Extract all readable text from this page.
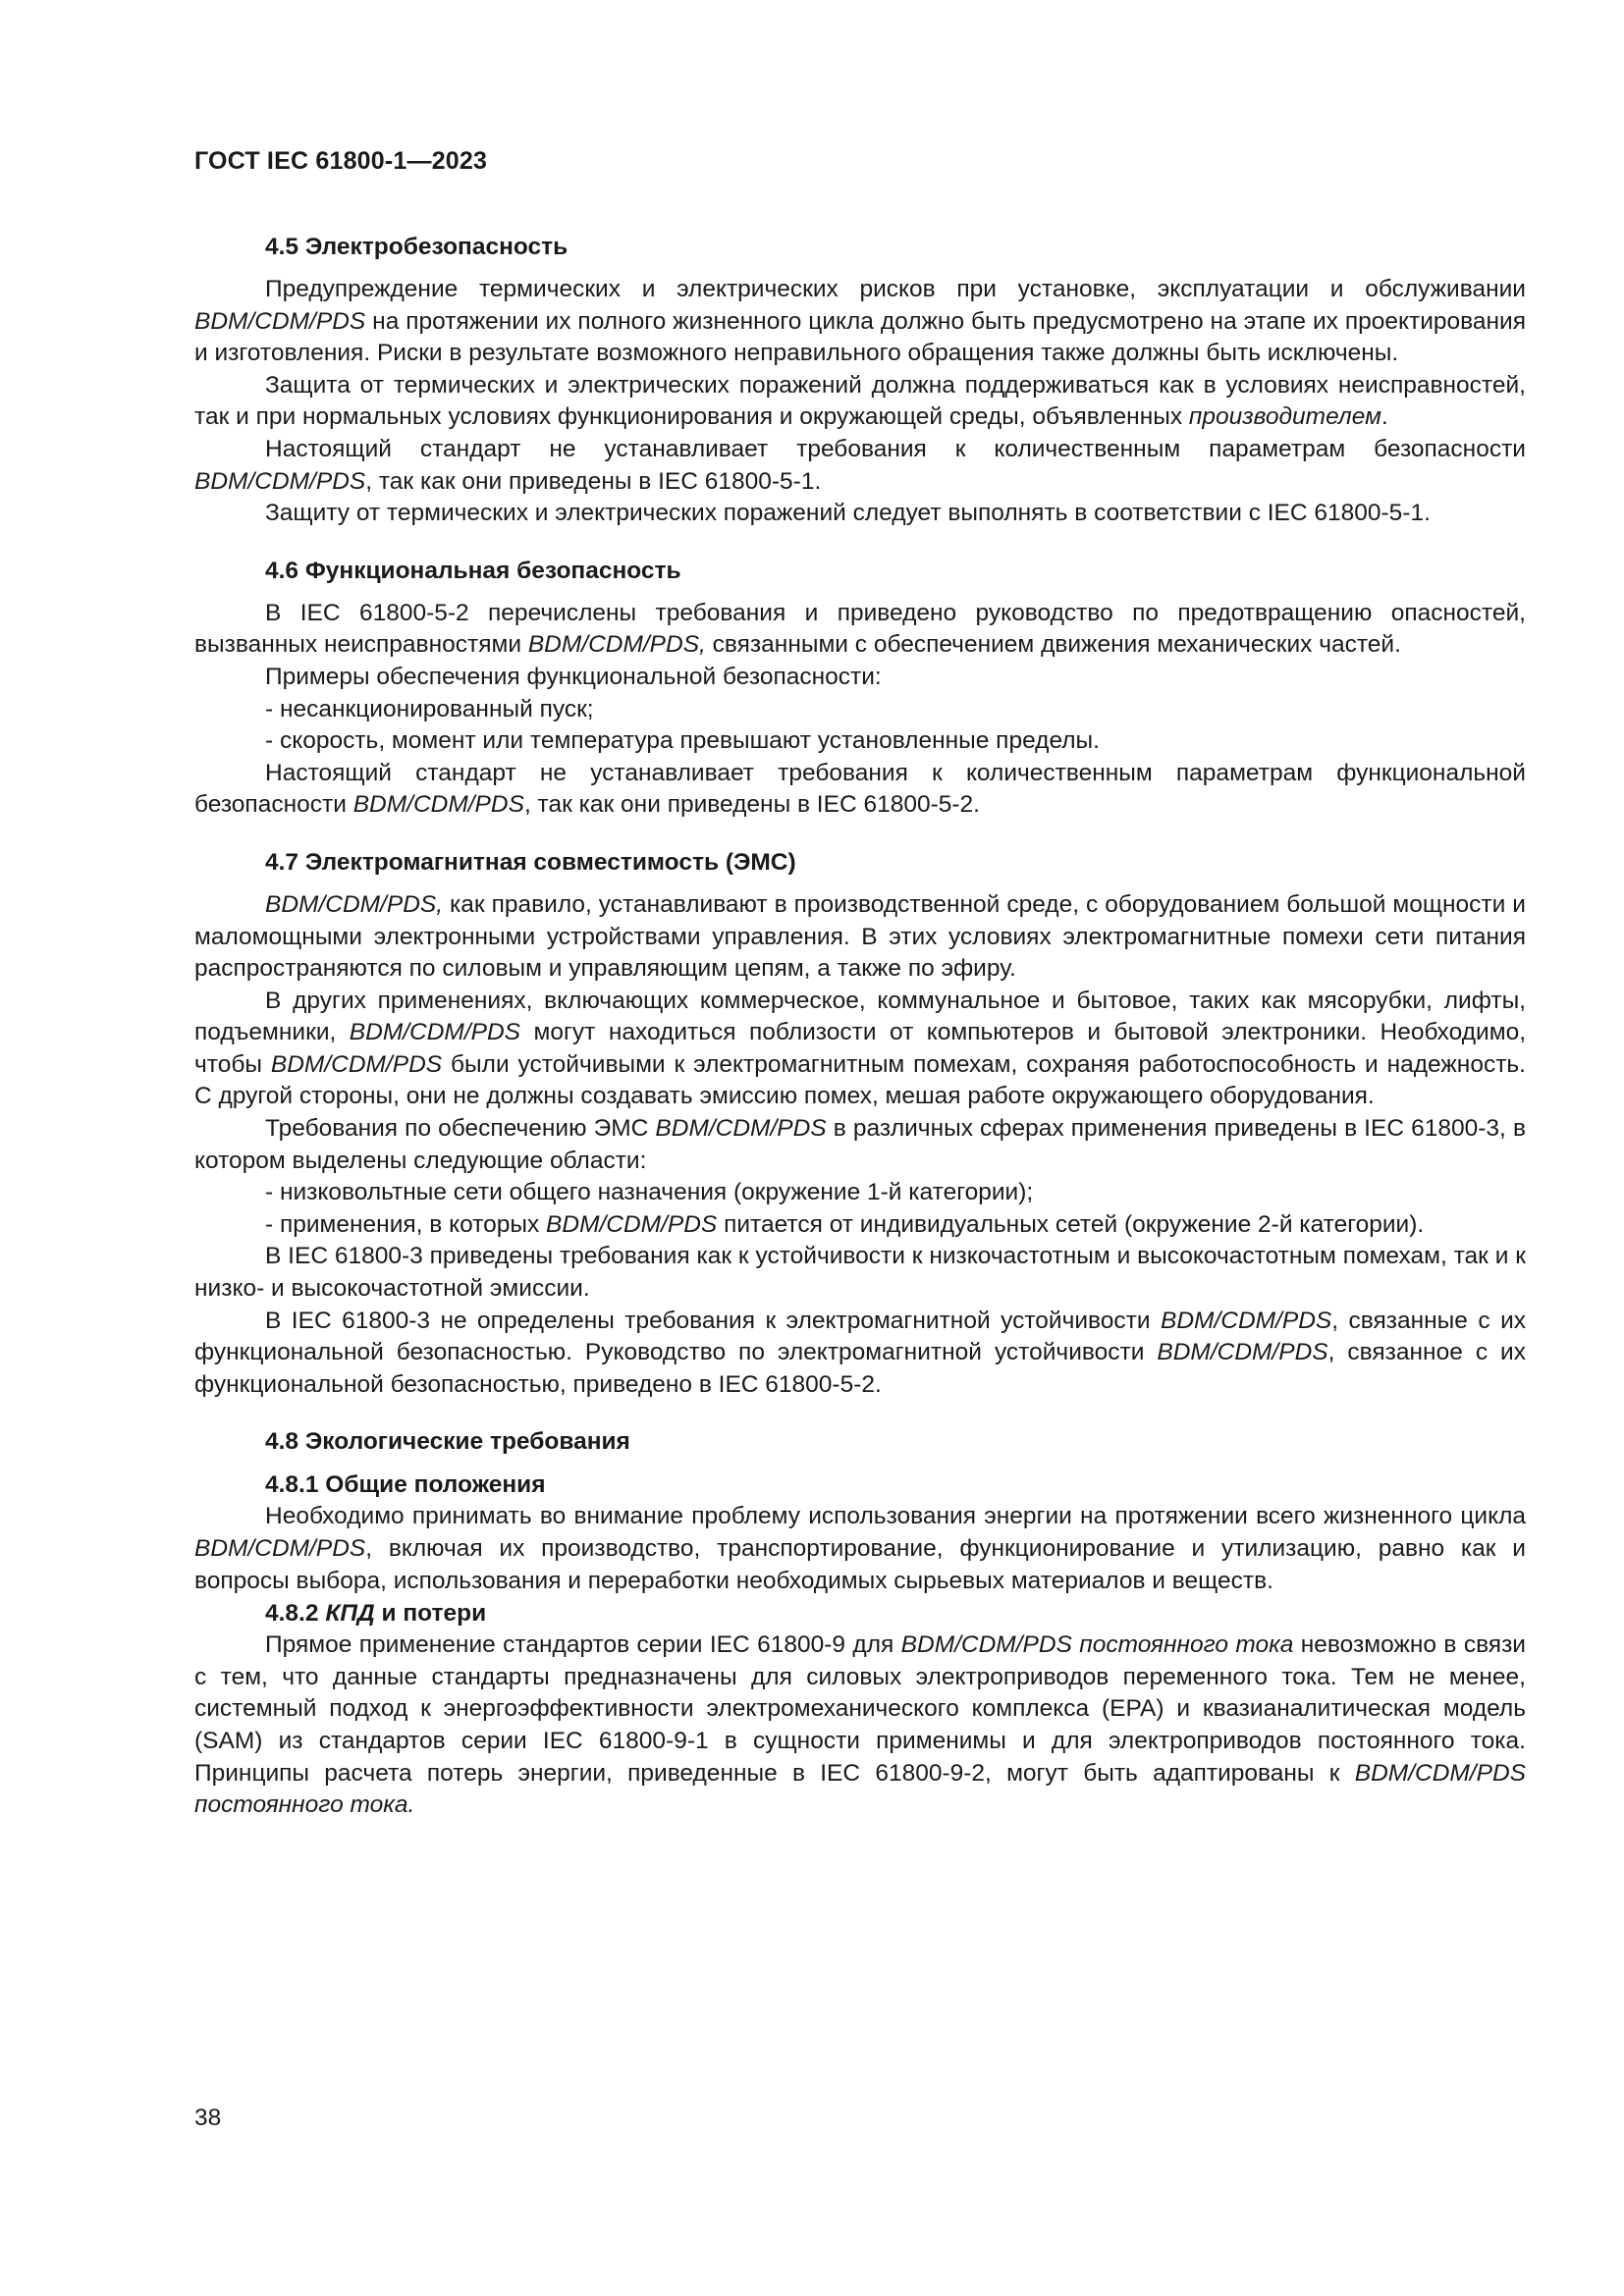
ГОСТ IEC 61800-1—2023
4.5 Электробезопасность

Предупреждение термических и электрических рисков при установке, эксплуатации и обслуживании BDM/CDM/PDS на протяжении их полного жизненного цикла должно быть предусмотрено на этапе их проектирования и изготовления. Риски в результате возможного неправильного обращения также должны быть исключены.

Защита от термических и электрических поражений должна поддерживаться как в условиях неисправностей, так и при нормальных условиях функционирования и окружающей среды, объявленных производителем.

Настоящий стандарт не устанавливает требования к количественным параметрам безопасности BDM/CDM/PDS, так как они приведены в IEC 61800-5-1.

Защиту от термических и электрических поражений следует выполнять в соответствии с IEC 61800-5-1.

4.6 Функциональная безопасность

В IEC 61800-5-2 перечислены требования и приведено руководство по предотвращению опасностей, вызванных неисправностями BDM/CDM/PDS, связанными с обеспечением движения механических частей.

Примеры обеспечения функциональной безопасности:

- несанкционированный пуск;

- скорость, момент или температура превышают установленные пределы.

Настоящий стандарт не устанавливает требования к количественным параметрам функциональной безопасности BDM/CDM/PDS, так как они приведены в IEC 61800-5-2.

4.7 Электромагнитная совместимость (ЭМС)

BDM/CDM/PDS, как правило, устанавливают в производственной среде, с оборудованием большой мощности и маломощными электронными устройствами управления. В этих условиях электромагнитные помехи сети питания распространяются по силовым и управляющим цепям, а также по эфиру.

В других применениях, включающих коммерческое, коммунальное и бытовое, таких как мясорубки, лифты, подъемники, BDM/CDM/PDS могут находиться поблизости от компьютеров и бытовой электроники. Необходимо, чтобы BDM/CDM/PDS были устойчивыми к электромагнитным помехам, сохраняя работоспособность и надежность. С другой стороны, они не должны создавать эмиссию помех, мешая работе окружающего оборудования.

Требования по обеспечению ЭМС BDM/CDM/PDS в различных сферах применения приведены в IEC 61800-3, в котором выделены следующие области:

- низковольтные сети общего назначения (окружение 1-й категории);

- применения, в которых BDM/CDM/PDS питается от индивидуальных сетей (окружение 2-й категории).

В IEC 61800-3 приведены требования как к устойчивости к низкочастотным и высокочастотным помехам, так и к низко- и высокочастотной эмиссии.

В IEC 61800-3 не определены требования к электромагнитной устойчивости BDM/CDM/PDS, связанные с их функциональной безопасностью. Руководство по электромагнитной устойчивости BDM/CDM/PDS, связанное с их функциональной безопасностью, приведено в IEC 61800-5-2.

4.8 Экологические требования
4.8.1 Общие положения

Необходимо принимать во внимание проблему использования энергии на протяжении всего жизненного цикла BDM/CDM/PDS, включая их производство, транспортирование, функционирование и утилизацию, равно как и вопросы выбора, использования и переработки необходимых сырьевых материалов и веществ.

4.8.2 КПД и потери

Прямое применение стандартов серии IEC 61800-9 для BDM/CDM/PDS постоянного тока невозможно в связи с тем, что данные стандарты предназначены для силовых электроприводов переменного тока. Тем не менее, системный подход к энергоэффективности электромеханического комплекса (EPA) и квазианалитическая модель (SAM) из стандартов серии IEC 61800-9-1 в сущности применимы и для электроприводов постоянного тока. Принципы расчета потерь энергии, приведенные в IEC 61800-9-2, могут быть адаптированы к BDM/CDM/PDS постоянного тока.

38
